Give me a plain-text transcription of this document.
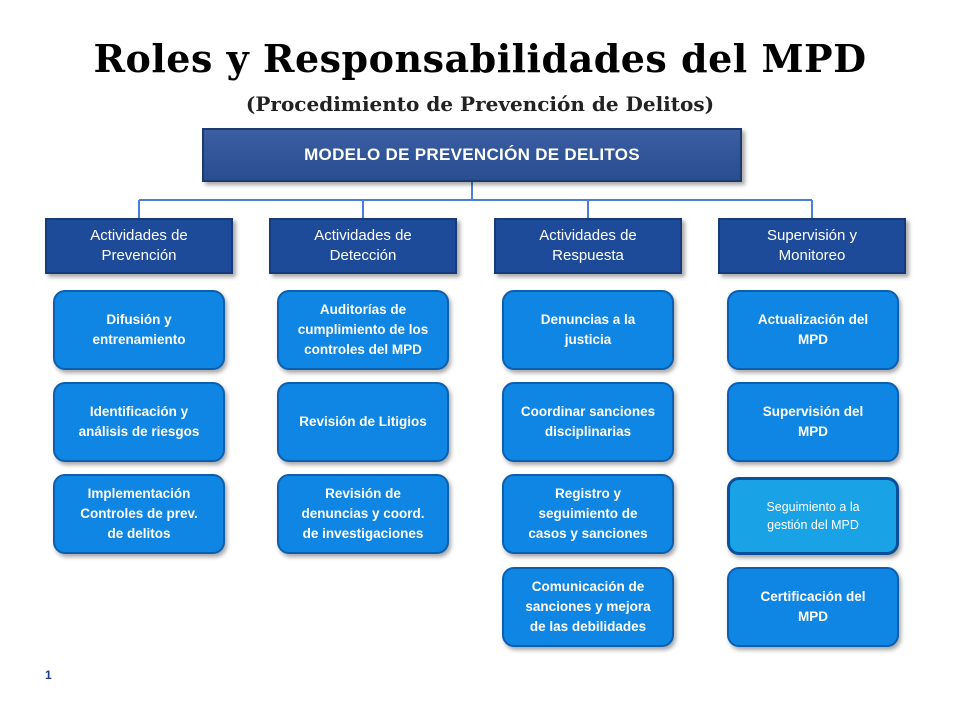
Roles y Responsabilidades del MPD
(Procedimiento de Prevención de Delitos)
MODELO DE PREVENCIÓN DE DELITOS
Actividades de
Prevención
Difusión y
entrenamiento
Identificación y
análisis de riesgos
Implementación
Controles de prev.
de delitos
Actividades de
Detección
Auditorías de
cumplimiento de los
controles del MPD
Revisión de Litigios
Revisión de
denuncias y coord.
de investigaciones
Actividades de
Respuesta
Denuncias a la
justicia
Coordinar sanciones
disciplinarias
Registro y
seguimiento de
casos y sanciones
Comunicación de
sanciones y mejora
de las debilidades
Supervisión y
Monitoreo
Actualización del
MPD
Supervisión del
MPD
Seguimiento a la
gestión del MPD
Certificación del
MPD
1
